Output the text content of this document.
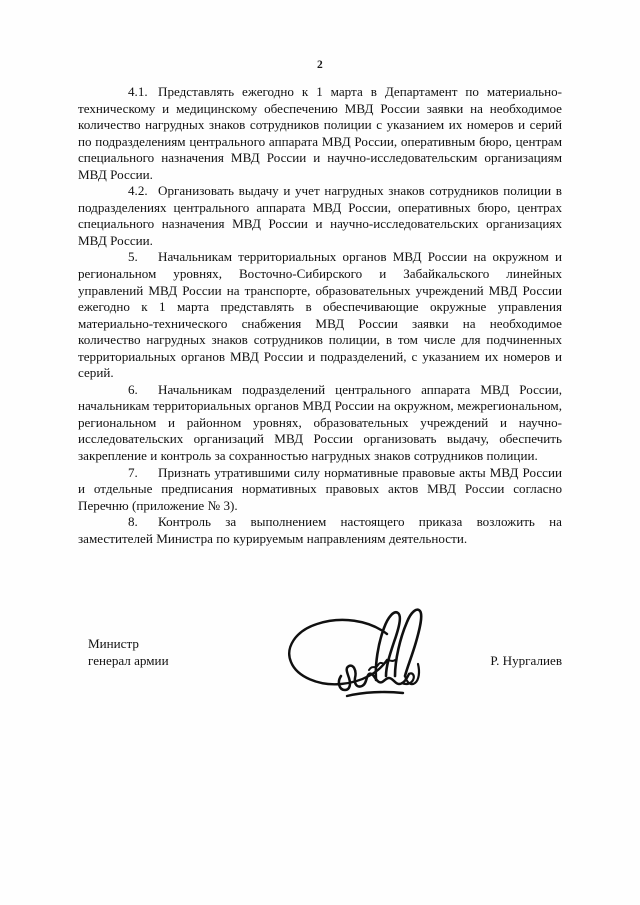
2

4.1. Представлять ежегодно к 1 марта в Департамент по материально-техническому и медицинскому обеспечению МВД России заявки на необходимое количество нагрудных знаков сотрудников полиции с указанием их номеров и серий по подразделениям центрального аппарата МВД России, оперативным бюро, центрам специального назначения МВД России и научно-исследовательским организациям МВД России.

4.2. Организовать выдачу и учет нагрудных знаков сотрудников полиции в подразделениях центрального аппарата МВД России, оперативных бюро, центрах специального назначения МВД России и научно-исследовательских организациях МВД России.

5. Начальникам территориальных органов МВД России на окружном и региональном уровнях, Восточно-Сибирского и Забайкальского линейных управлений МВД России на транспорте, образовательных учреждений МВД России ежегодно к 1 марта представлять в обеспечивающие окружные управления материально-технического снабжения МВД России заявки на необходимое количество нагрудных знаков сотрудников полиции, в том числе для подчиненных территориальных органов МВД России и подразделений, с указанием их номеров и серий.

6. Начальникам подразделений центрального аппарата МВД России, начальникам территориальных органов МВД России на окружном, межрегиональном, региональном и районном уровнях, образовательных учреждений и научно-исследовательских организаций МВД России организовать выдачу, обеспечить закрепление и контроль за сохранностью нагрудных знаков сотрудников полиции.

7. Признать утратившими силу нормативные правовые акты МВД России и отдельные предписания нормативных правовых актов МВД России согласно Перечню (приложение № 3).

8. Контроль за выполнением настоящего приказа возложить на заместителей Министра по курируемым направлениям деятельности.

Министр
генерал армии	Р. Нургалиев
